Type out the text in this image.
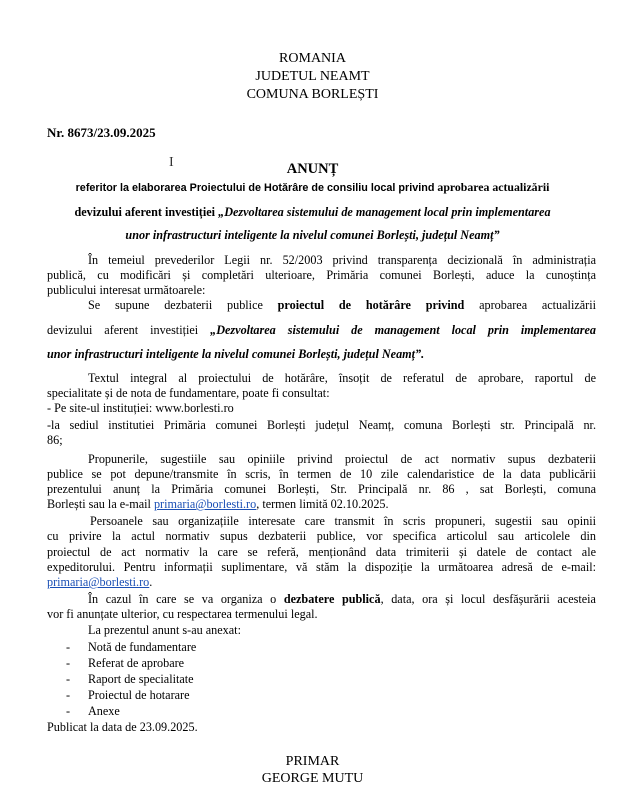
ROMANIA
JUDETUL NEAMT
COMUNA BORLEȘTI
Nr. 8673/23.09.2025
I	ANUNȚ
referitor la elaborarea Proiectului de Hotărâre de consiliu local privind aprobarea actualizării
devizului aferent investiției „Dezvoltarea sistemului de management local prin implementarea
unor infrastructuri inteligente la nivelul comunei Borlești, județul Neamț”
În temeiul prevederilor Legii nr. 52/2003 privind transparența decizională în administrația
publică, cu modificări și completări ulterioare, Primăria comunei Borlești, aduce la cunoștința
publicului interesat următoarele:
Se supune dezbaterii publice proiectul de hotărâre privind aprobarea actualizării
devizului aferent investiției „Dezvoltarea sistemului de management local prin implementarea
unor infrastructuri inteligente la nivelul comunei Borlești, județul Neamț”.
Textul integral al proiectului de hotărâre, însoțit de referatul de aprobare, raportul de
specialitate și de nota de fundamentare, poate fi consultat:
- Pe site-ul instituției: www.borlesti.ro
-la sediul institutiei Primăria comunei Borlești județul Neamț, comuna Borlești str. Principală nr.
86;
Propunerile, sugestiile sau opiniile privind proiectul de act normativ supus dezbaterii
publice se pot depune/transmite în scris, în termen de 10 zile calendaristice de la data publicării
prezentului anunț la Primăria comunei Borlești, Str. Principală nr. 86 , sat Borlești, comuna
Borlești sau la e-mail primaria@borlesti.ro, termen limită 02.10.2025.
Persoanele sau organizațiile interesate care transmit în scris propuneri, sugestii sau opinii
cu privire la actul normativ supus dezbaterii publice, vor specifica articolul sau articolele din
proiectul de act normativ la care se referă, menționând data trimiterii și datele de contact ale
expeditorului. Pentru informații suplimentare, vă stăm la dispoziție la următoarea adresă de e-mail:
primaria@borlesti.ro.
În cazul în care se va organiza o dezbatere publică, data, ora și locul desfășurării acesteia
vor fi anunțate ulterior, cu respectarea termenului legal.
La prezentul anunt s-au anexat:
- Notă de fundamentare
- Referat de aprobare
- Raport de specialitate
- Proiectul de hotarare
- Anexe
Publicat la data de 23.09.2025.
PRIMAR
GEORGE MUTU
